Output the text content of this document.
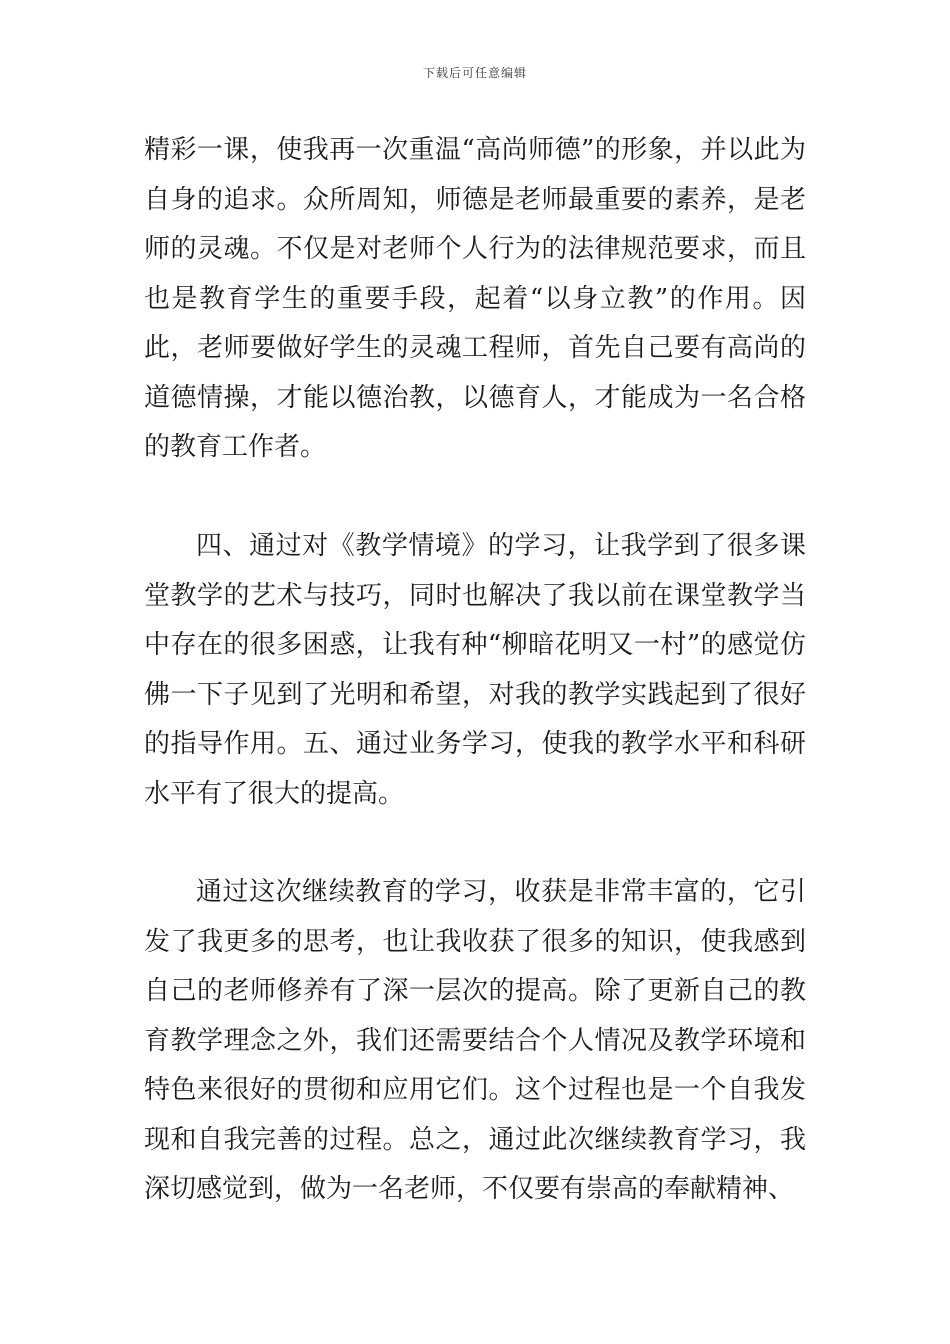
下载后可任意编辑

精彩一课，使我再一次重温“高尚师德”的形象，并以此为自身的追求。众所周知，师德是老师最重要的素养，是老师的灵魂。不仅是对老师个人行为的法律规范要求，而且也是教育学生的重要手段，起着“以身立教”的作用。因此，老师要做好学生的灵魂工程师，首先自己要有高尚的道德情操，才能以德治教，以德育人，才能成为一名合格的教育工作者。

四、通过对《教学情境》的学习，让我学到了很多课堂教学的艺术与技巧，同时也解决了我以前在课堂教学当中存在的很多困惑，让我有种“柳暗花明又一村”的感觉仿佛一下子见到了光明和希望，对我的教学实践起到了很好的指导作用。五、通过业务学习，使我的教学水平和科研水平有了很大的提高。

通过这次继续教育的学习，收获是非常丰富的，它引发了我更多的思考，也让我收获了很多的知识，使我感到自己的老师修养有了深一层次的提高。除了更新自己的教育教学理念之外，我们还需要结合个人情况及教学环境和特色来很好的贯彻和应用它们。这个过程也是一个自我发现和自我完善的过程。总之，通过此次继续教育学习，我深切感觉到，做为一名老师，不仅要有崇高的奉献精神、
